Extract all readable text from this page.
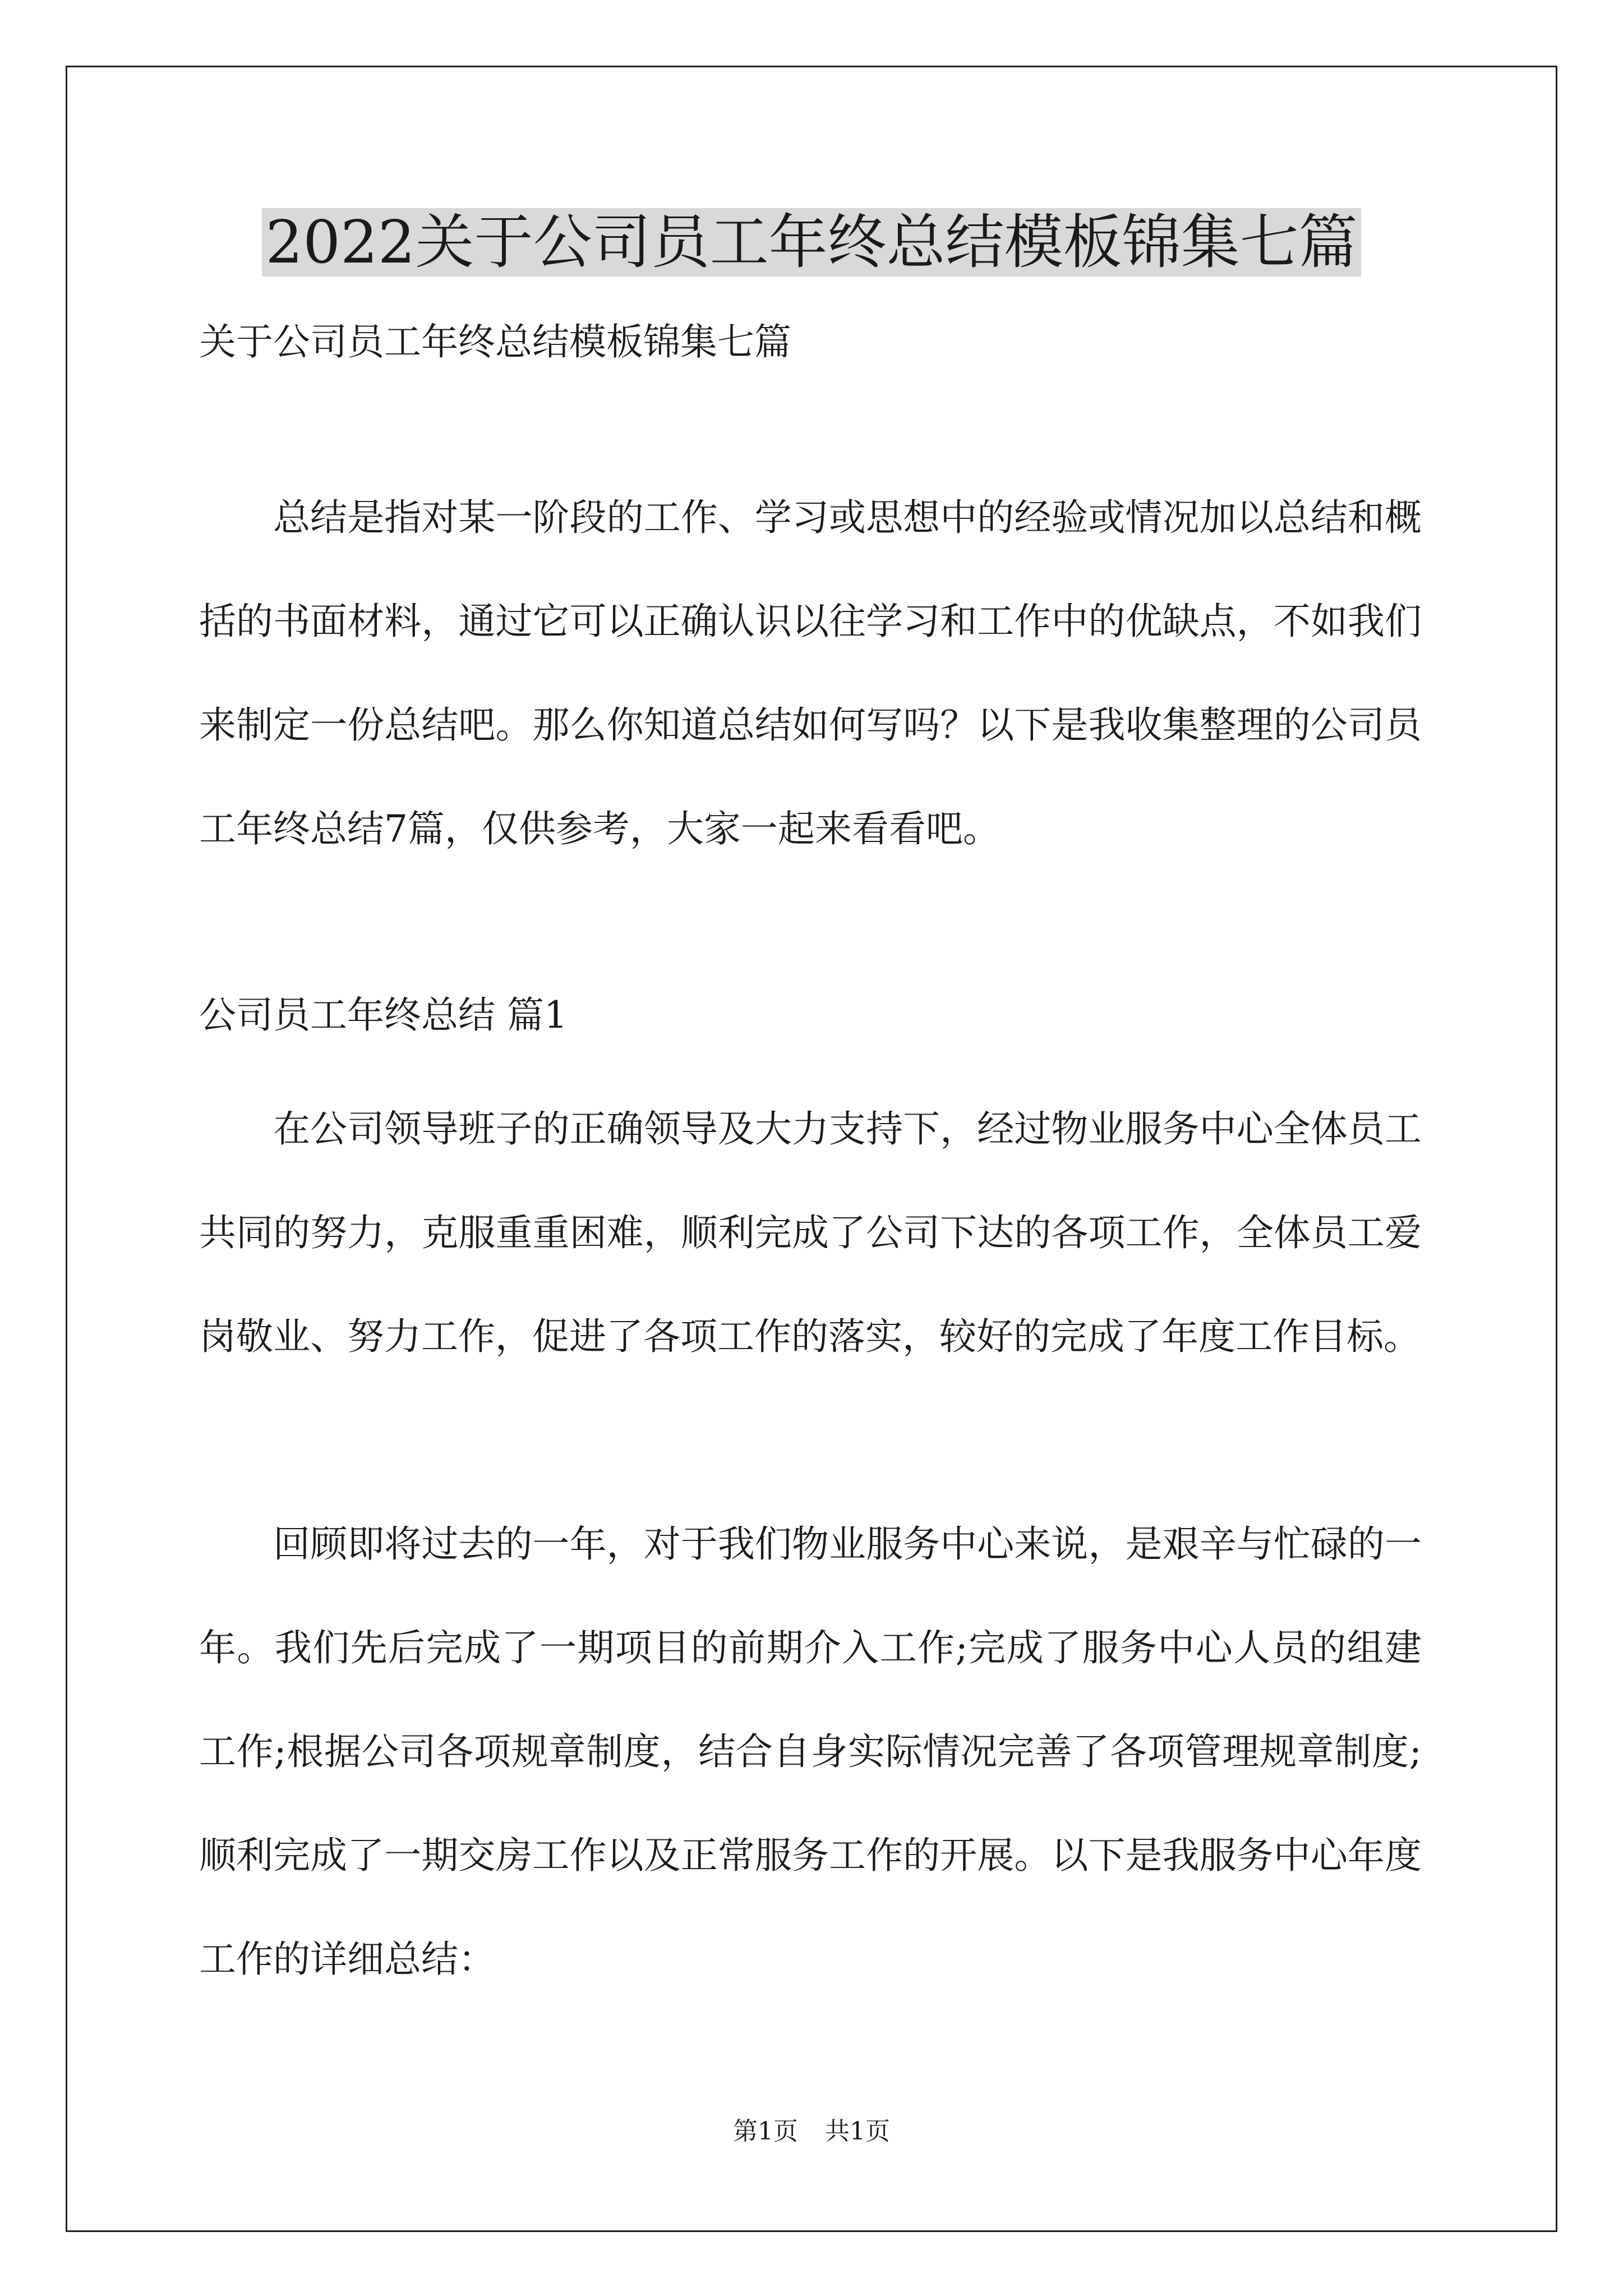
2022关于公司员工年终总结模板锦集七篇

关于公司员工年终总结模板锦集七篇

总结是指对某一阶段的工作、学习或思想中的经验或情况加以总结和概括的书面材料，通过它可以正确认识以往学习和工作中的优缺点，不如我们来制定一份总结吧。那么你知道总结如何写吗？以下是我收集整理的公司员工年终总结7篇，仅供参考，大家一起来看看吧。

公司员工年终总结 篇1

在公司领导班子的正确领导及大力支持下，经过物业服务中心全体员工共同的努力，克服重重困难，顺利完成了公司下达的各项工作，全体员工爱岗敬业、努力工作，促进了各项工作的落实，较好的完成了年度工作目标。

回顾即将过去的一年，对于我们物业服务中心来说，是艰辛与忙碌的一年。我们先后完成了一期项目的前期介入工作;完成了服务中心人员的组建工作;根据公司各项规章制度，结合自身实际情况完善了各项管理规章制度;顺利完成了一期交房工作以及正常服务工作的开展。以下是我服务中心年度工作的详细总结：

第1页 共1页
